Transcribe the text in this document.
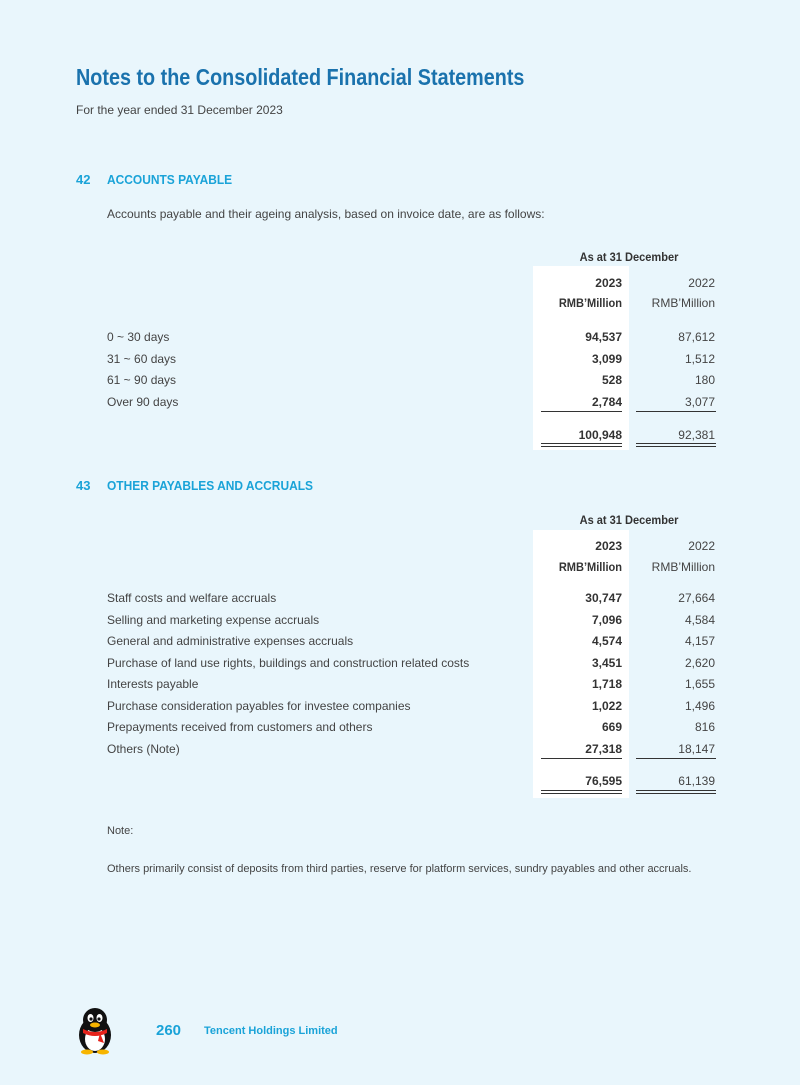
Notes to the Consolidated Financial Statements
For the year ended 31 December 2023
42 ACCOUNTS PAYABLE
Accounts payable and their ageing analysis, based on invoice date, are as follows:
As at 31 December
2023	2022
RMB’Million	RMB’Million
0 ~ 30 days	94,537	87,612
31 ~ 60 days	3,099	1,512
61 ~ 90 days	528	180
Over 90 days	2,784	3,077
100,948	92,381
43 OTHER PAYABLES AND ACCRUALS
As at 31 December
2023	2022
RMB’Million	RMB’Million
Staff costs and welfare accruals	30,747	27,664
Selling and marketing expense accruals	7,096	4,584
General and administrative expenses accruals	4,574	4,157
Purchase of land use rights, buildings and construction related costs	3,451	2,620
Interests payable	1,718	1,655
Purchase consideration payables for investee companies	1,022	1,496
Prepayments received from customers and others	669	816
Others (Note)	27,318	18,147
76,595	61,139
Note:
Others primarily consist of deposits from third parties, reserve for platform services, sundry payables and other accruals.
260 Tencent Holdings Limited
